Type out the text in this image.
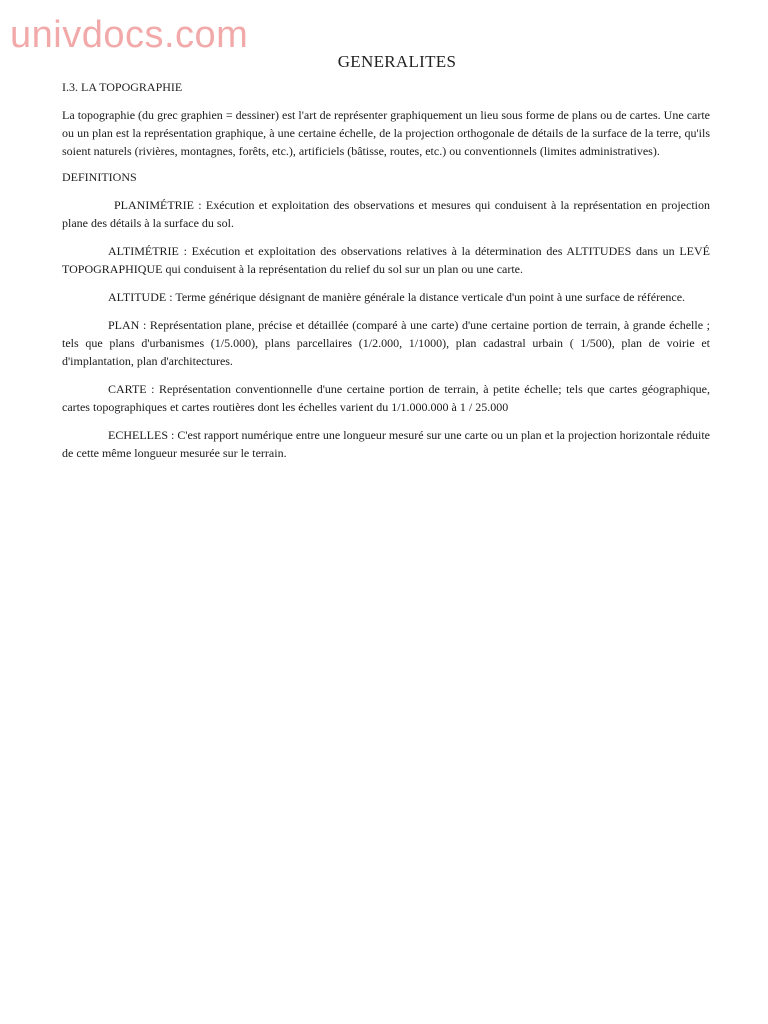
univdocs.com
GENERALITES
I.3. LA TOPOGRAPHIE

La topographie (du grec graphien = dessiner) est l'art de représenter graphiquement un lieu sous forme de plans ou de cartes. Une carte ou un plan est la représentation graphique, à une certaine échelle, de la projection orthogonale de détails de la surface de la terre, qu'ils soient naturels (rivières, montagnes, forêts, etc.), artificiels (bâtisse, routes, etc.) ou conventionnels (limites administratives).

DEFINITIONS

PLANIMÉTRIE : Exécution et exploitation des observations et mesures qui conduisent à la représentation en projection plane des détails à la surface du sol.

ALTIMÉTRIE : Exécution et exploitation des observations relatives à la détermination des ALTITUDES dans un LEVÉ TOPOGRAPHIQUE qui conduisent à la représentation du relief du sol sur un plan ou une carte.

ALTITUDE : Terme générique désignant de manière générale la distance verticale d'un point à une surface de référence.

PLAN : Représentation plane, précise et détaillée (comparé à une carte) d'une certaine portion de terrain, à grande échelle ; tels que plans d'urbanismes (1/5.000), plans parcellaires (1/2.000, 1/1000), plan cadastral urbain ( 1/500), plan de voirie et d'implantation, plan d'architectures.

CARTE : Représentation conventionnelle d'une certaine portion de terrain, à petite échelle; tels que cartes géographique, cartes topographiques et cartes routières dont les échelles varient du 1/1.000.000 à 1 / 25.000

ECHELLES : C'est rapport numérique entre une longueur mesuré sur une carte ou un plan et la projection horizontale réduite de cette même longueur mesurée sur le terrain.
